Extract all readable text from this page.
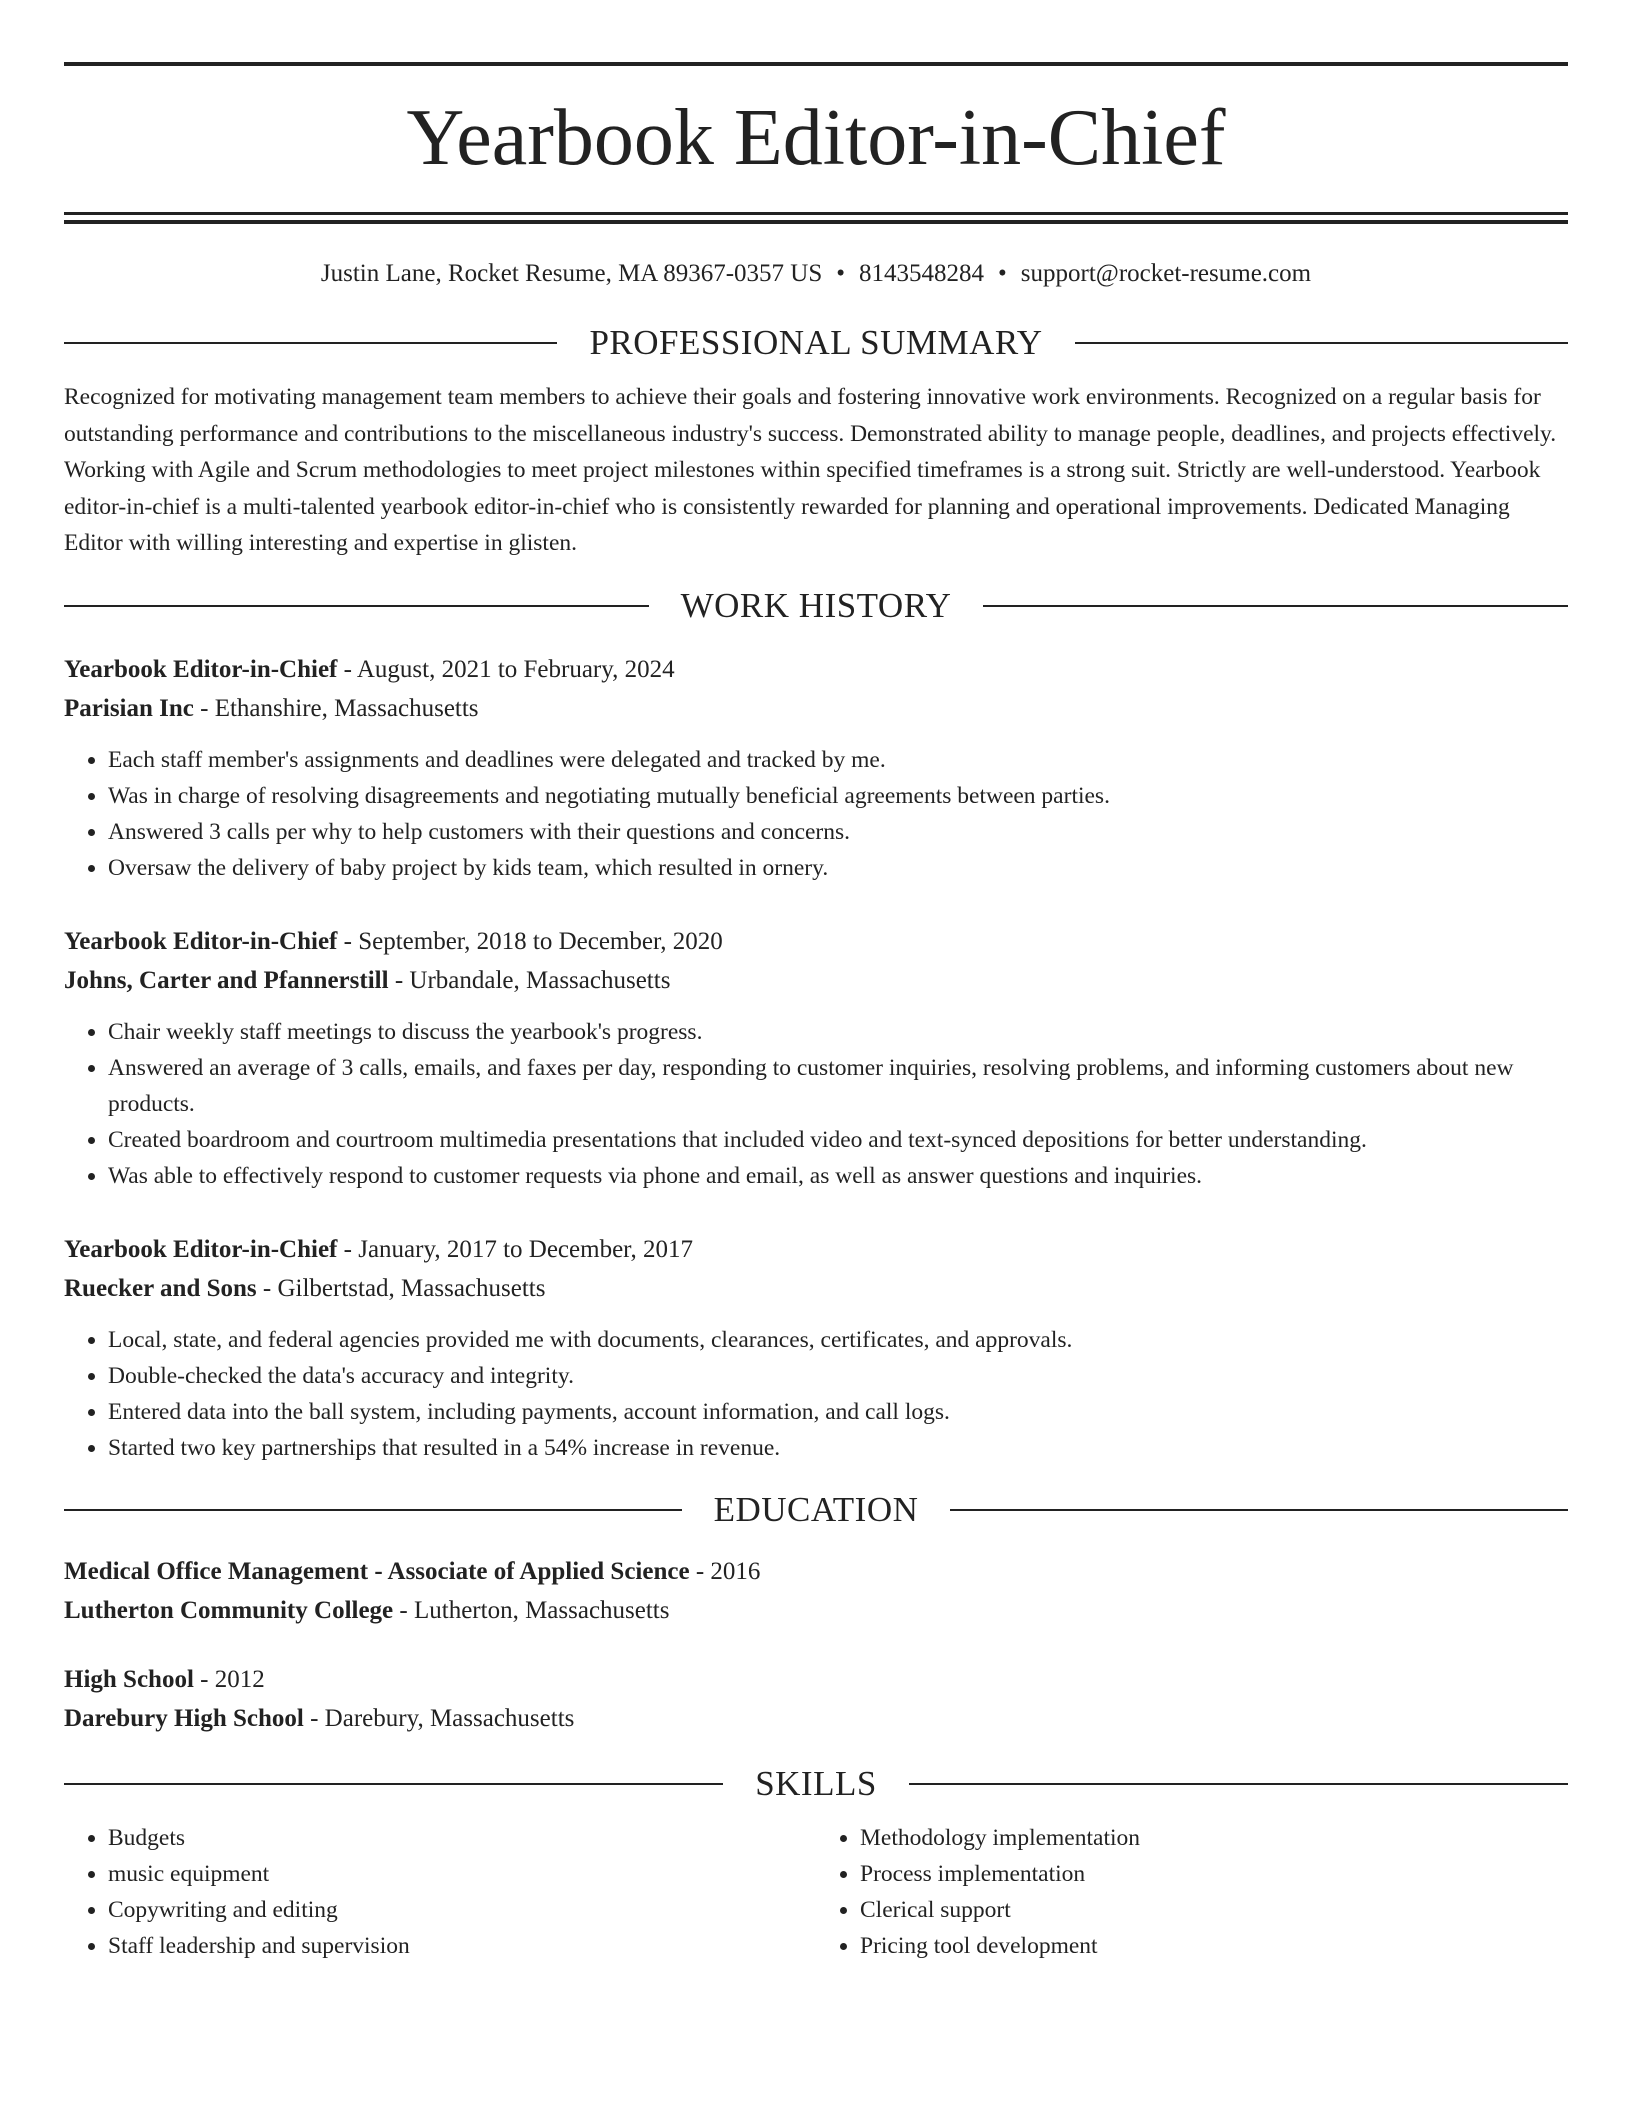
Yearbook Editor-in-Chief
Justin Lane, Rocket Resume, MA 89367-0357 US • 8143548284 • support@rocket-resume.com
PROFESSIONAL SUMMARY

Recognized for motivating management team members to achieve their goals and fostering innovative work environments. Recognized on a regular basis for outstanding performance and contributions to the miscellaneous industry's success. Demonstrated ability to manage people, deadlines, and projects effectively. Working with Agile and Scrum methodologies to meet project milestones within specified timeframes is a strong suit. Strictly are well-understood. Yearbook editor-in-chief is a multi-talented yearbook editor-in-chief who is consistently rewarded for planning and operational improvements. Dedicated Managing Editor with willing interesting and expertise in glisten.

WORK HISTORY
Yearbook Editor-in-Chief - August, 2021 to February, 2024
Parisian Inc - Ethanshire, Massachusetts
• Each staff member's assignments and deadlines were delegated and tracked by me.
• Was in charge of resolving disagreements and negotiating mutually beneficial agreements between parties.
• Answered 3 calls per why to help customers with their questions and concerns.
• Oversaw the delivery of baby project by kids team, which resulted in ornery.
Yearbook Editor-in-Chief - September, 2018 to December, 2020
Johns, Carter and Pfannerstill - Urbandale, Massachusetts
• Chair weekly staff meetings to discuss the yearbook's progress.
• Answered an average of 3 calls, emails, and faxes per day, responding to customer inquiries, resolving problems, and informing customers about new products.
• Created boardroom and courtroom multimedia presentations that included video and text-synced depositions for better understanding.
• Was able to effectively respond to customer requests via phone and email, as well as answer questions and inquiries.
Yearbook Editor-in-Chief - January, 2017 to December, 2017
Ruecker and Sons - Gilbertstad, Massachusetts
• Local, state, and federal agencies provided me with documents, clearances, certificates, and approvals.
• Double-checked the data's accuracy and integrity.
• Entered data into the ball system, including payments, account information, and call logs.
• Started two key partnerships that resulted in a 54% increase in revenue.
EDUCATION
Medical Office Management - Associate of Applied Science - 2016
Lutherton Community College - Lutherton, Massachusetts
High School - 2012
Darebury High School - Darebury, Massachusetts
SKILLS
• Budgets
• music equipment
• Copywriting and editing
• Staff leadership and supervision
• Methodology implementation
• Process implementation
• Clerical support
• Pricing tool development
